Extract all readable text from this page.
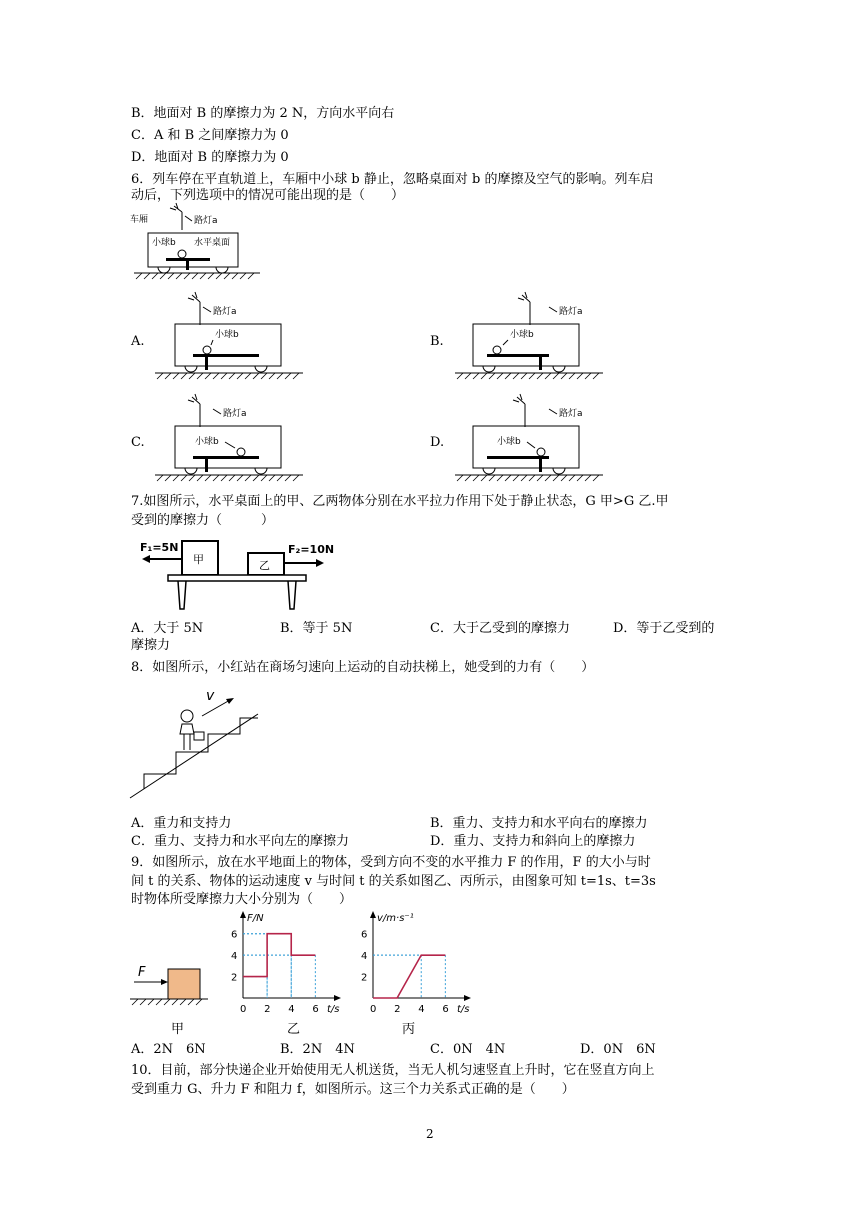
B．地面对 B 的摩擦力为 2 N，方向水平向右
C．A 和 B 之间摩擦力为 0
D．地面对 B 的摩擦力为 0
6．列车停在平直轨道上，车厢中小球 b 静止，忽略桌面对 b 的摩擦及空气的影响。列车启
动后，下列选项中的情况可能出现的是（　　）
车厢	路灯a
小球b 水平桌面
A.
路灯a
小球b	B.
路灯a
小球b
C.
路灯a
小球b	D.
路灯a
小球b
7.如图所示，水平桌面上的甲、乙两物体分别在水平拉力作用下处于静止状态，G 甲>G 乙.甲
受到的摩擦力（　　　）
F₁=5N
甲	乙
F₂=10N
A．大于 5N	B．等于 5N	C．大于乙受到的摩擦力	D．等于乙受到的
摩擦力
8．如图所示，小红站在商场匀速向上运动的自动扶梯上，她受到的力有（　　）
v
A．重力和支持力	B．重力、支持力和水平向右的摩擦力
C．重力、支持力和水平向左的摩擦力	D．重力、支持力和斜向上的摩擦力
9．如图所示，放在水平地面上的物体，受到方向不变的水平推力 F 的作用，F 的大小与时
间 t 的关系、物体的运动速度 v 与时间 t 的关系如图乙、丙所示，由图象可知 t=1s、t=3s
时物体所受摩擦力大小分别为（　　）
F
F/N
t/s
0 2 4 6
2
4
6
v/m·s⁻¹
t/s
0 2 4 6
2
4
6
甲	乙	丙
A．2N　6N	B．2N　4N	C．0N　4N	D．0N　6N
10．目前，部分快递企业开始使用无人机送货，当无人机匀速竖直上升时，它在竖直方向上
受到重力 G、升力 F 和阻力 f，如图所示。这三个力关系式正确的是（　　）
2
